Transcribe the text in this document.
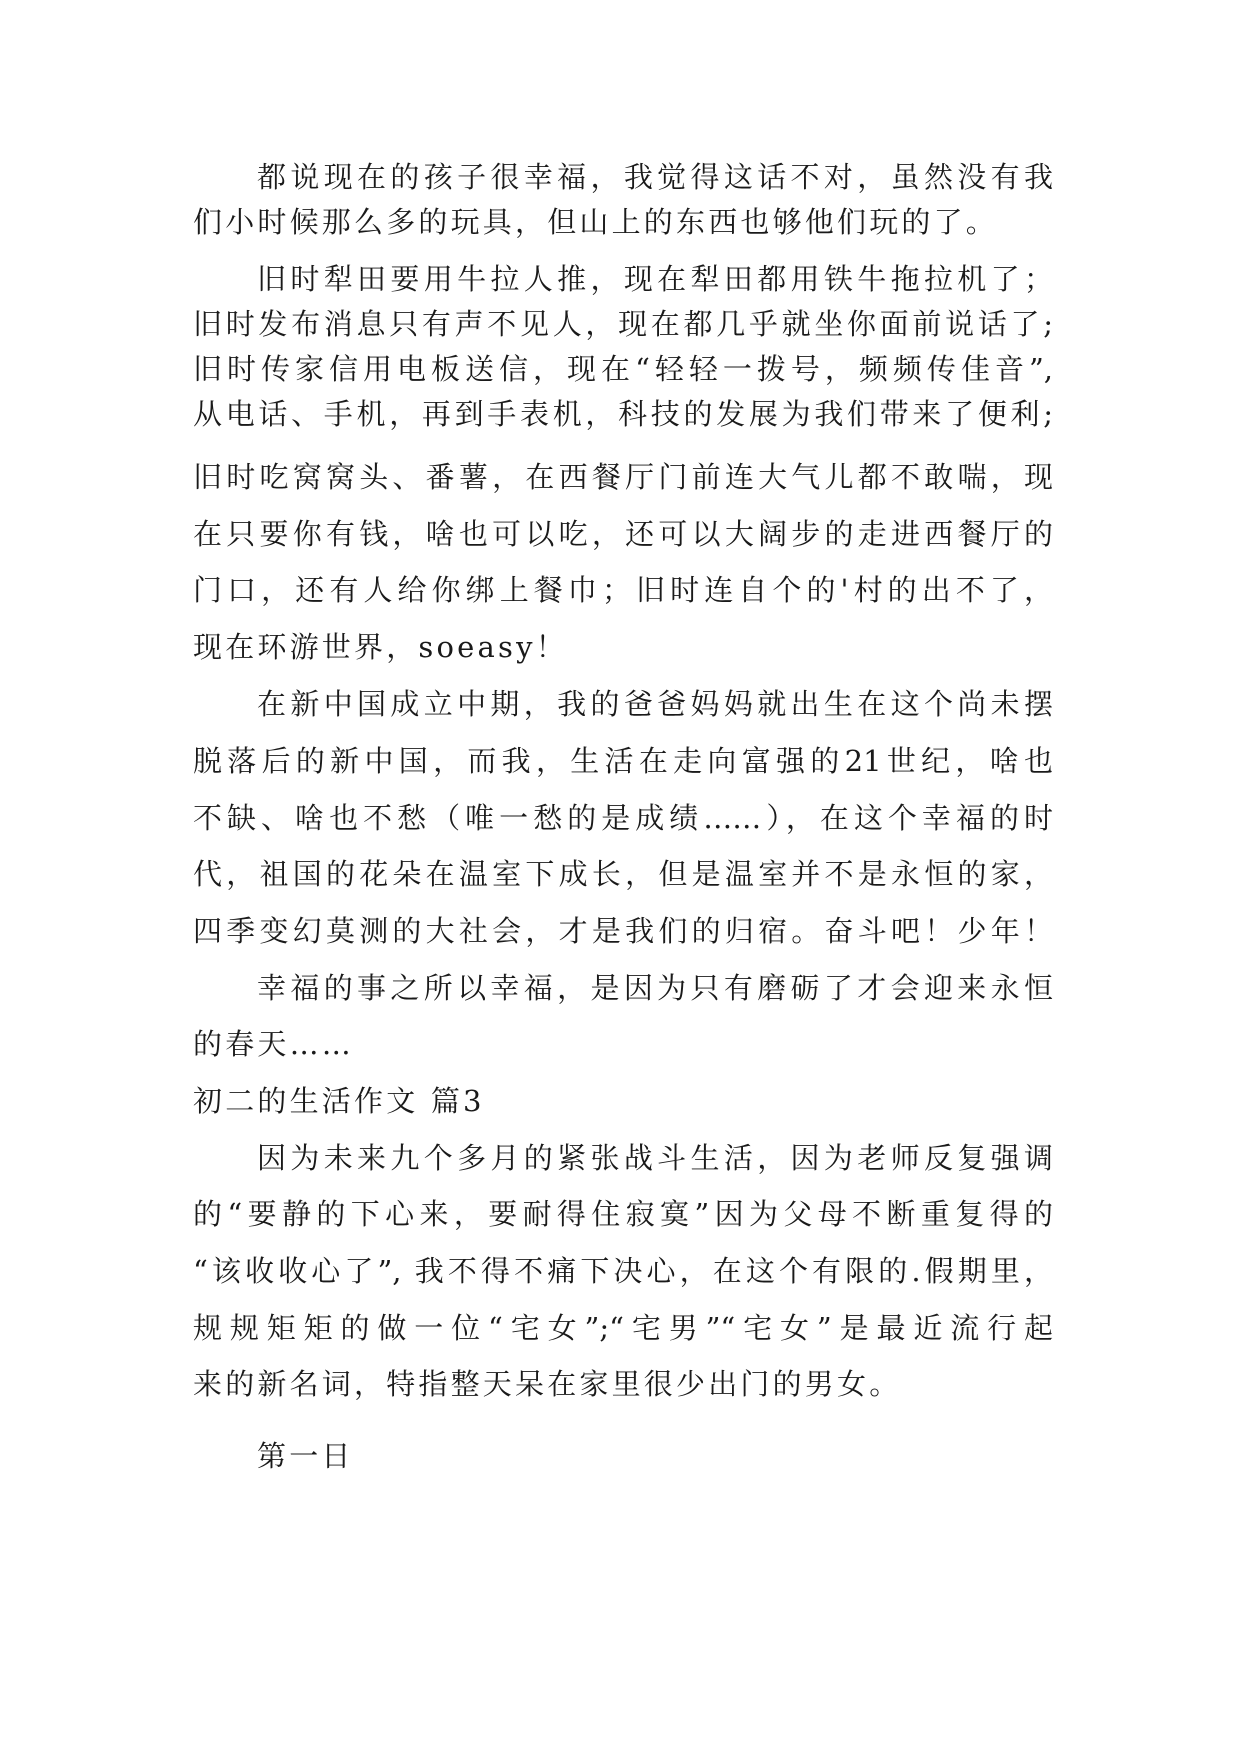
都说现在的孩子很幸福，我觉得这话不对，虽然没有我
们小时候那么多的玩具，但山上的东西也够他们玩的了。
旧时犁田要用牛拉人推，现在犁田都用铁牛拖拉机了；
旧时发布消息只有声不见人，现在都几乎就坐你面前说话了;
旧时传家信用电板送信，现在“轻轻一拨号，频频传佳音”,
从电话、手机，再到手表机，科技的发展为我们带来了便利;
旧时吃窝窝头、番薯，在西餐厅门前连大气儿都不敢喘，现
在只要你有钱，啥也可以吃，还可以大阔步的走进西餐厅的
门口，还有人给你绑上餐巾；旧时连自个的'村的出不了，
现在环游世界，soeasy！
在新中国成立中期，我的爸爸妈妈就出生在这个尚未摆
脱落后的新中国，而我，生活在走向富强的21世纪，啥也
不缺、啥也不愁（唯一愁的是成绩……），在这个幸福的时
代，祖国的花朵在温室下成长，但是温室并不是永恒的家，
四季变幻莫测的大社会，才是我们的归宿。奋斗吧！少年！
幸福的事之所以幸福，是因为只有磨砺了才会迎来永恒
的春天……
初二的生活作文 篇3
因为未来九个多月的紧张战斗生活，因为老师反复强调
的“要静的下心来，要耐得住寂寞”因为父母不断重复得的
“该收收心了”, 我不得不痛下决心，在这个有限的.假期里，
规规矩矩的做一位“宅女”;“宅男”“宅女”是最近流行起
来的新名词，特指整天呆在家里很少出门的男女。
第一日
